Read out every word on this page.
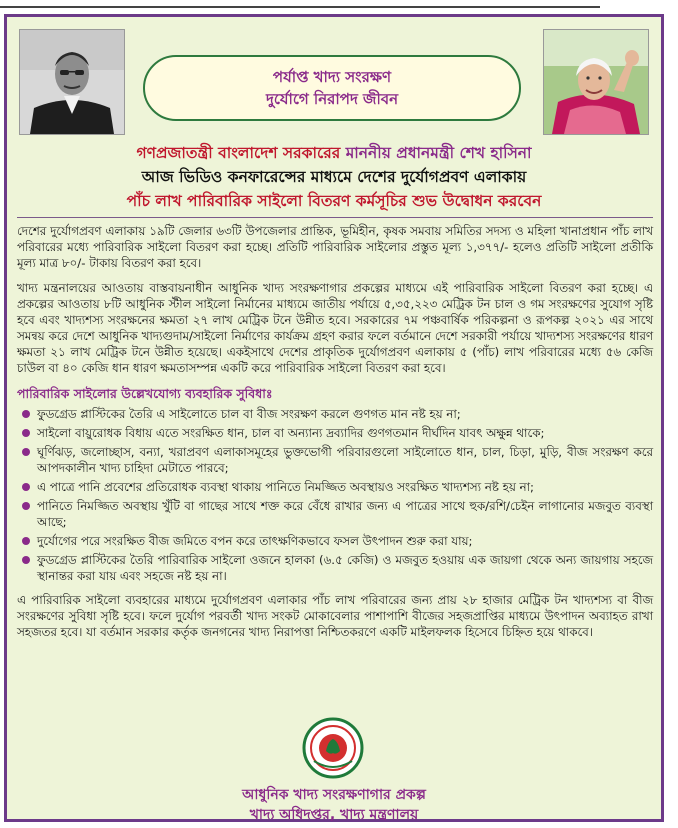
পর্যাপ্ত খাদ্য সংরক্ষণ
দুর্যোগে নিরাপদ জীবন
গণপ্রজাতন্ত্রী বাংলাদেশ সরকারের মাননীয় প্রধানমন্ত্রী শেখ হাসিনা
আজ ভিডিও কনফারেন্সের মাধ্যমে দেশের দুর্যোগপ্রবণ এলাকায়
পাঁচ লাখ পারিবারিক সাইলো বিতরণ কর্মসূচির শুভ উদ্বোধন করবেন

দেশের দুর্যোগপ্রবণ এলাকায় ১৯টি জেলার ৬৩টি উপজেলার প্রান্তিক, ভূমিহীন, কৃষক সমবায় সমিতির সদস্য ও মহিলা খানাপ্রধান পাঁচ লাখ পরিবারের মধ্যে পারিবারিক সাইলো বিতরণ করা হচ্ছে। প্রতিটি পারিবারিক সাইলোর প্রস্তুত মূল্য ১,৩৭৭/- হলেও প্রতিটি সাইলো প্রতীকি মূল্য মাত্র ৮০/- টাকায় বিতরণ করা হবে।

খাদ্য মন্ত্রনালয়ের আওতায় বাস্তবায়নাধীন আধুনিক খাদ্য সংরক্ষণাগার প্রকল্পের মাধ্যমে এই পারিবারিক সাইলো বিতরণ করা হচ্ছে। এ প্রকল্পের আওতায় ৮টি আধুনিক স্টীল সাইলো নির্মানের মাধ্যমে জাতীয় পর্যায়ে ৫,৩৫,২২৩ মেট্রিক টন চাল ও গম সংরক্ষণের সুযোগ সৃষ্টি হবে এবং খাদ্যশস্য সংরক্ষনের ক্ষমতা ২৭ লাখ মেট্রিক টনে উন্নীত হবে। সরকারের ৭ম পঞ্চবার্ষিক পরিকল্পনা ও রূপকল্প ২০২১ এর সাথে সমন্বয় করে দেশে আধুনিক খাদ্যগুদাম/সাইলো নির্মাণের কার্যক্রম গ্রহণ করার ফলে বর্তমানে দেশে সরকারী পর্যায়ে খাদ্যশস্য সংরক্ষণের ধারণ ক্ষমতা ২১ লাখ মেট্রিক টনে উন্নীত হয়েছে। একইসাথে দেশের প্রাকৃতিক দুর্যোগপ্রবণ এলাকায় ৫ (পাঁচ) লাখ পরিবারের মধ্যে ৫৬ কেজি চাউল বা ৪০ কেজি ধান ধারণ ক্ষমতাসম্পন্ন একটি করে পারিবারিক সাইলো বিতরণ করা হবে।

পারিবারিক সাইলোর উল্লেখযোগ্য ব্যবহারিক সুবিধাঃ
ফুডগ্রেড প্লাস্টিকের তৈরি এ সাইলোতে চাল বা বীজ সংরক্ষণ করলে গুণগত মান নষ্ট হয় না;
সাইলো বায়ুরোধক বিধায় এতে সংরক্ষিত ধান, চাল বা অন্যান্য দ্রব্যাদির গুণগতমান দীর্ঘদিন যাবৎ অক্ষুন্ন থাকে;
ঘূর্ণিঝড়, জলোচ্ছাস, বন্যা, খরাপ্রবণ এলাকাসমূহের ভুক্তভোগী পরিবারগুলো সাইলোতে ধান, চাল, চিড়া, মুড়ি, বীজ সংরক্ষণ করে আপদকালীন খাদ্য চাহিদা মেটাতে পারবে;
এ পাত্রে পানি প্রবেশের প্রতিরোধক ব্যবস্থা থাকায় পানিতে নিমজ্জিত অবস্থায়ও সংরক্ষিত খাদ্যশস্য নষ্ট হয় না;
পানিতে নিমজ্জিত অবস্থায় খুঁটি বা গাছের সাথে শক্ত করে বেঁধে রাখার জন্য এ পাত্রের সাথে হুক/রশি/চেইন লাগানোর মজবুত ব্যবস্থা আছে;
দুর্যোগের পরে সংরক্ষিত বীজ জমিতে বপন করে তাৎক্ষণিকভাবে ফসল উৎপাদন শুরু করা যায়;
ফুডগ্রেড প্লাস্টিকের তৈরি পারিবারিক সাইলো ওজনে হালকা (৬.৫ কেজি) ও মজবুত হওয়ায় এক জায়গা থেকে অন্য জায়গায় সহজে স্থানান্তর করা যায় এবং সহজে নষ্ট হয় না।

এ পারিবারিক সাইলো ব্যবহারের মাধ্যমে দুর্যোগপ্রবণ এলাকার পাঁচ লাখ পরিবারের জন্য প্রায় ২৮ হাজার মেট্রিক টন খাদ্যশস্য বা বীজ সংরক্ষণের সুবিধা সৃষ্টি হবে। ফলে দুর্যোগ পরবর্তী খাদ্য সংকট মোকাবেলার পাশাপাশি বীজের সহজপ্রাপ্তির মাধ্যমে উৎপাদন অব্যাহত রাখা সহজতর হবে। যা বর্তমান সরকার কর্তৃক জনগনের খাদ্য নিরাপত্তা নিশ্চিতকরণে একটি মাইলফলক হিসেবে চিহ্নিত হয়ে থাকবে।

আধুনিক খাদ্য সংরক্ষণাগার প্রকল্প
খাদ্য অধিদপ্তর, খাদ্য মন্ত্রণালয়
